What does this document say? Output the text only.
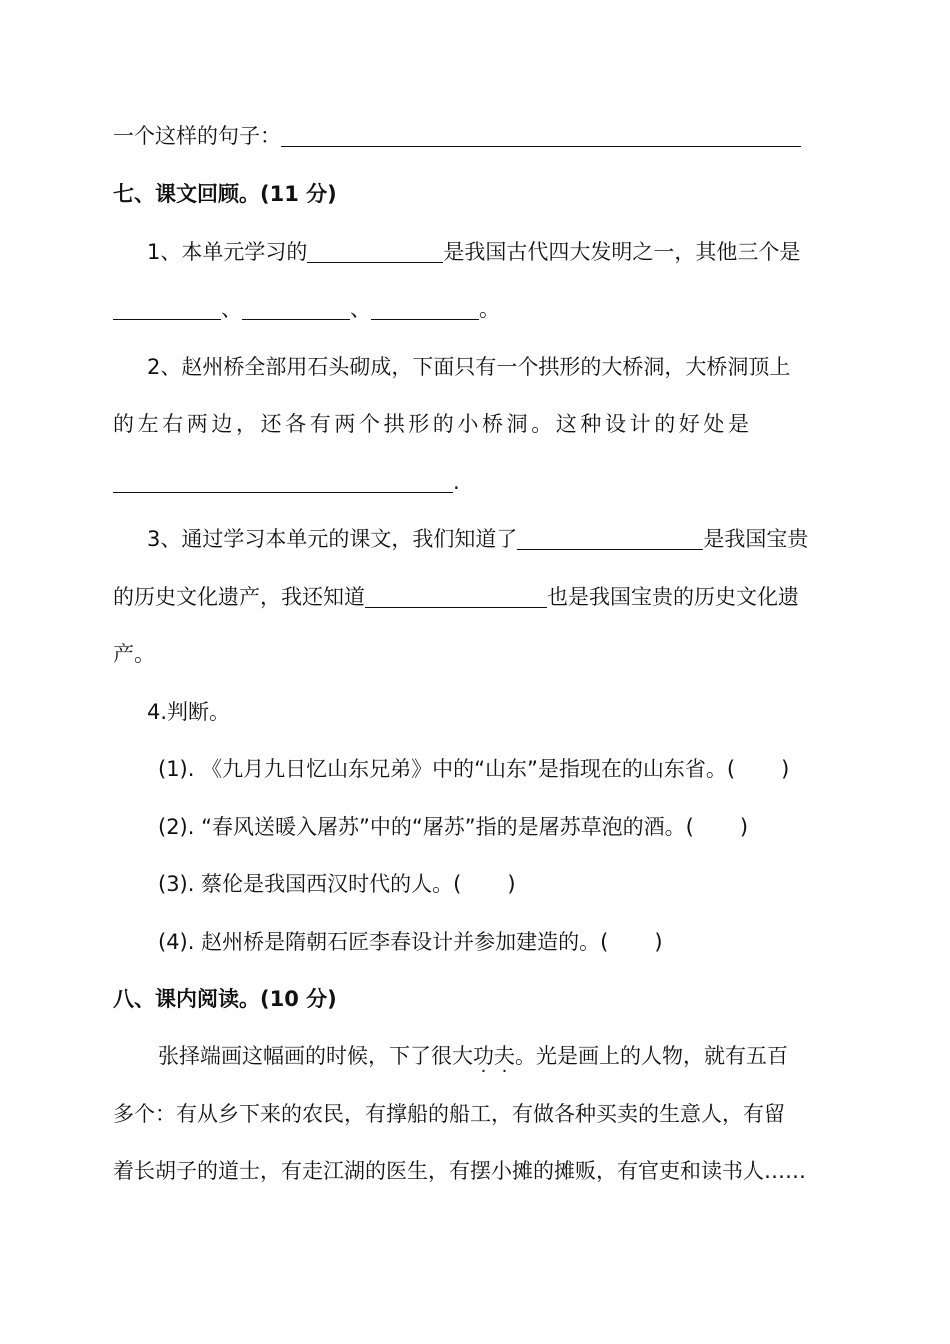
一个这样的句子：
七、课文回顾。(11 分)
1、本单元学习的	是我国古代四大发明之一，其他三个是
、	、	。
2、赵州桥全部用石头砌成，下面只有一个拱形的大桥洞，大桥洞顶上
的左右两边，还各有两个拱形的小桥洞。这种设计的好处是
.
3、通过学习本单元的课文，我们知道了	是我国宝贵
的历史文化遗产，我还知道	也是我国宝贵的历史文化遗
产。
4.判断。
(1). 《九月九日忆山东兄弟》中的“山东”是指现在的山东省。( )
(2). “春风送暖入屠苏”中的“屠苏”指的是屠苏草泡的酒。( )
(3). 蔡伦是我国西汉时代的人。( )
(4). 赵州桥是隋朝石匠李春设计并参加建造的。( )
八、课内阅读。(10 分)
张择端画这幅画的时候，下了很大功夫。光是画上的人物，就有五百
多个：有从乡下来的农民，有撑船的船工，有做各种买卖的生意人，有留
着长胡子的道士，有走江湖的医生，有摆小摊的摊贩，有官吏和读书人……
